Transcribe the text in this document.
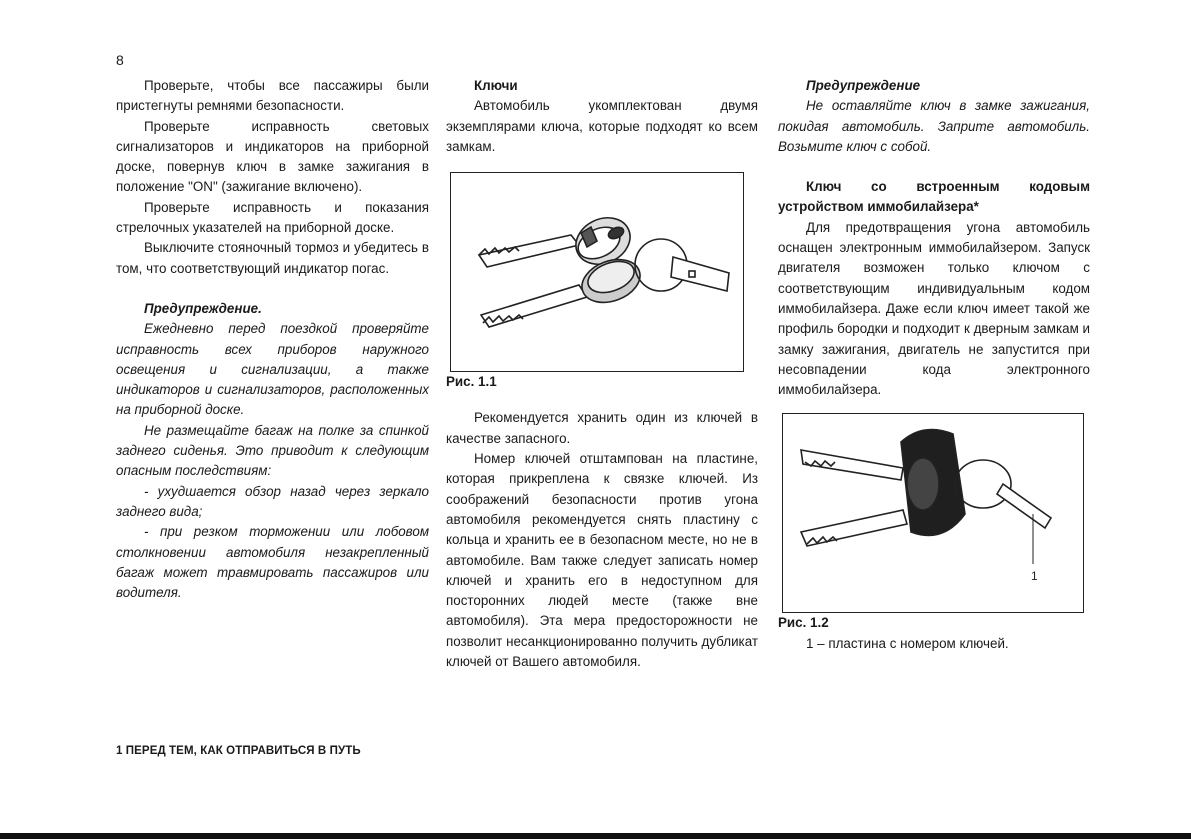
8

Проверьте, чтобы все пассажиры были пристегнуты ремнями безопасности.

Проверьте исправность световых сигнализаторов и индикаторов на приборной доске, повернув ключ в замке зажигания в положение "ON" (зажигание включено).

Проверьте исправность и показания стрелочных указателей на приборной доске.

Выключите стояночный тормоз и убедитесь в том, что соответствующий индикатор погас.

Предупреждение.

Ежедневно перед поездкой проверяйте исправность всех приборов наружного освещения и сигнализации, а также индикаторов и сигнализаторов, расположенных на приборной доске.

Не размещайте багаж на полке за спинкой заднего сиденья. Это приводит к следующим опасным последствиям:

- ухудшается обзор назад через зеркало заднего вида;

- при резком торможении или лобовом столкновении автомобиля незакрепленный багаж может травмировать пассажиров или водителя.

Ключи

Автомобиль укомплектован двумя экземплярами ключа, которые подходят ко всем замкам.

Рис. 1.1

Рекомендуется хранить один из ключей в качестве запасного.

Номер ключей отштампован на пластине, которая прикреплена к связке ключей. Из соображений безопасности против угона автомобиля рекомендуется снять пластину с кольца и хранить ее в безопасном месте, но не в автомобиле. Вам также следует записать номер ключей и хранить его в недоступном для посторонних людей месте (также вне автомобиля). Эта мера предосторожности не позволит несанкционированно получить дубликат ключей от Вашего автомобиля.

Предупреждение

Не оставляйте ключ в замке зажигания, покидая автомобиль. Заприте автомобиль. Возьмите ключ с собой.

Ключ со встроенным кодовым устройством иммобилайзера*

Для предотвращения угона автомобиль оснащен электронным иммобилайзером. Запуск двигателя возможен только ключом с соответствующим индивидуальным кодом иммобилайзера. Даже если ключ имеет такой же профиль бородки и подходит к дверным замкам и замку зажигания, двигатель не запустится при несовпадении кода электронного иммобилайзера.

1

Рис. 1.2

1 – пластина с номером ключей.

1 ПЕРЕД ТЕМ, КАК ОТПРАВИТЬСЯ В ПУТЬ
